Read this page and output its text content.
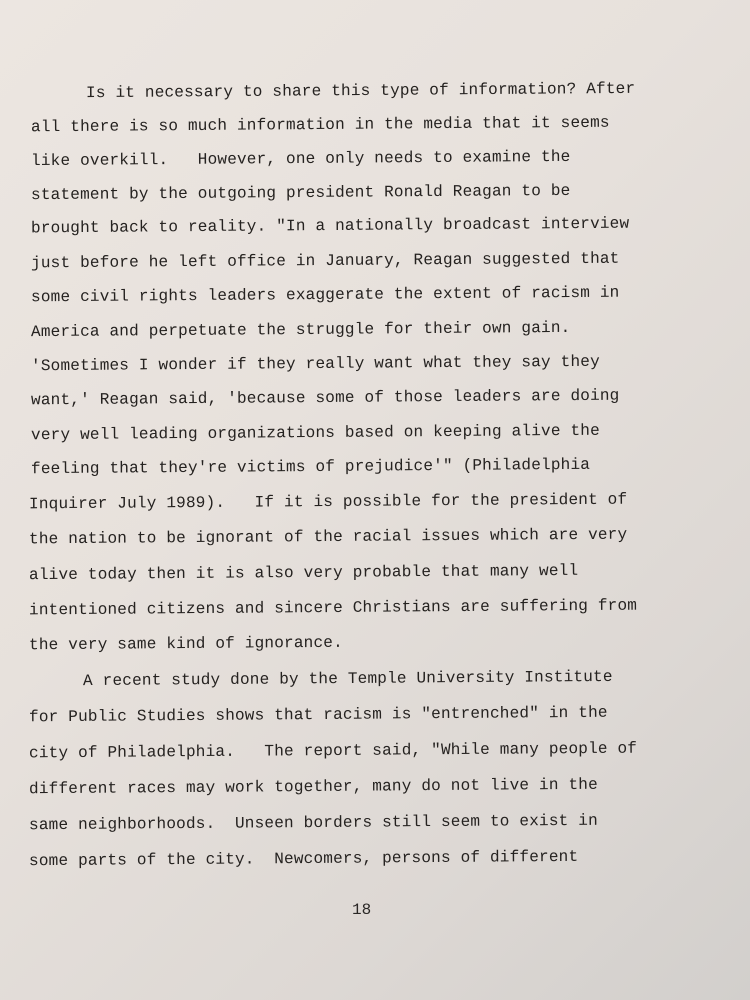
Is it necessary to share this type of information? After

all there is so much information in the media that it seems

like overkill.   However, one only needs to examine the

statement by the outgoing president Ronald Reagan to be

brought back to reality. "In a nationally broadcast interview

just before he left office in January, Reagan suggested that

some civil rights leaders exaggerate the extent of racism in

America and perpetuate the struggle for their own gain.

'Sometimes I wonder if they really want what they say they

want,' Reagan said, 'because some of those leaders are doing

very well leading organizations based on keeping alive the

feeling that they're victims of prejudice'" (Philadelphia

Inquirer July 1989).   If it is possible for the president of

the nation to be ignorant of the racial issues which are very

alive today then it is also very probable that many well

intentioned citizens and sincere Christians are suffering from

the very same kind of ignorance.

A recent study done by the Temple University Institute

for Public Studies shows that racism is "entrenched" in the

city of Philadelphia.   The report said, "While many people of

different races may work together, many do not live in the

same neighborhoods.  Unseen borders still seem to exist in

some parts of the city.  Newcomers, persons of different

18
